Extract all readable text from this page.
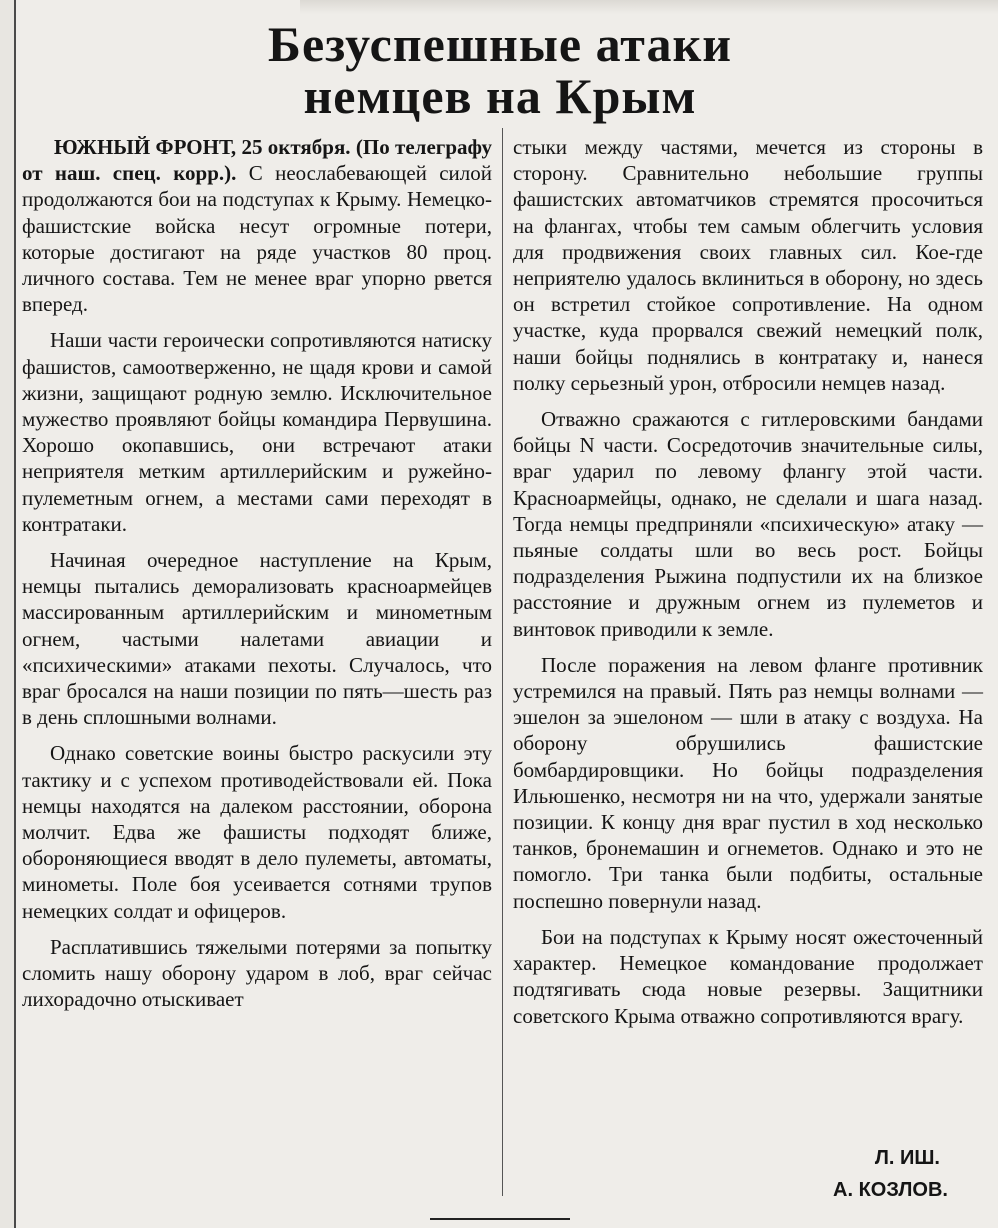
Безуспешные атаки
немцев на Крым

ЮЖНЫЙ ФРОНТ, 25 октября. (По телеграфу от наш. спец. корр.). С неослабевающей силой продолжаются бои на подступах к Крыму. Немецко-фашистские войска несут огромные потери, которые достигают на ряде участков 80 проц. личного состава. Тем не менее враг упорно рвется вперед.

Наши части героически сопротивляются натиску фашистов, самоотверженно, не щадя крови и самой жизни, защищают родную землю. Исключительное мужество проявляют бойцы командира Первушина. Хорошо окопавшись, они встречают атаки неприятеля метким артиллерийским и ружейно-пулеметным огнем, а местами сами переходят в контратаки.

Начиная очередное наступление на Крым, немцы пытались деморализовать красноармейцев массированным артиллерийским и минометным огнем, частыми налетами авиации и «психическими» атаками пехоты. Случалось, что враг бросался на наши позиции по пять—шесть раз в день сплошными волнами.

Однако советские воины быстро раскусили эту тактику и с успехом противодействовали ей. Пока немцы находятся на далеком расстоянии, оборона молчит. Едва же фашисты подходят ближе, обороняющиеся вводят в дело пулеметы, автоматы, минометы. Поле боя усеивается сотнями трупов немецких солдат и офицеров.

Расплатившись тяжелыми потерями за попытку сломить нашу оборону ударом в лоб, враг сейчас лихорадочно отыскивает

стыки между частями, мечется из стороны в сторону. Сравнительно небольшие группы фашистских автоматчиков стремятся просочиться на флангах, чтобы тем самым облегчить условия для продвижения своих главных сил. Кое-где неприятелю удалось вклиниться в оборону, но здесь он встретил стойкое сопротивление. На одном участке, куда прорвался свежий немецкий полк, наши бойцы поднялись в контратаку и, нанеся полку серьезный урон, отбросили немцев назад.

Отважно сражаются с гитлеровскими бандами бойцы N части. Сосредоточив значительные силы, враг ударил по левому флангу этой части. Красноармейцы, однако, не сделали и шага назад. Тогда немцы предприняли «психическую» атаку — пьяные солдаты шли во весь рост. Бойцы подразделения Рыжина подпустили их на близкое расстояние и дружным огнем из пулеметов и винтовок приводили к земле.

После поражения на левом фланге противник устремился на правый. Пять раз немцы волнами — эшелон за эшелоном — шли в атаку с воздуха. На оборону обрушились фашистские бомбардировщики. Но бойцы подразделения Ильюшенко, несмотря ни на что, удержали занятые позиции. К концу дня враг пустил в ход несколько танков, бронемашин и огнеметов. Однако и это не помогло. Три танка были подбиты, остальные поспешно повернули назад.

Бои на подступах к Крыму носят ожесточенный характер. Немецкое командование продолжает подтягивать сюда новые резервы. Защитники советского Крыма отважно сопротивляются врагу.

Л. ИШ.
А. КОЗЛОВ.
